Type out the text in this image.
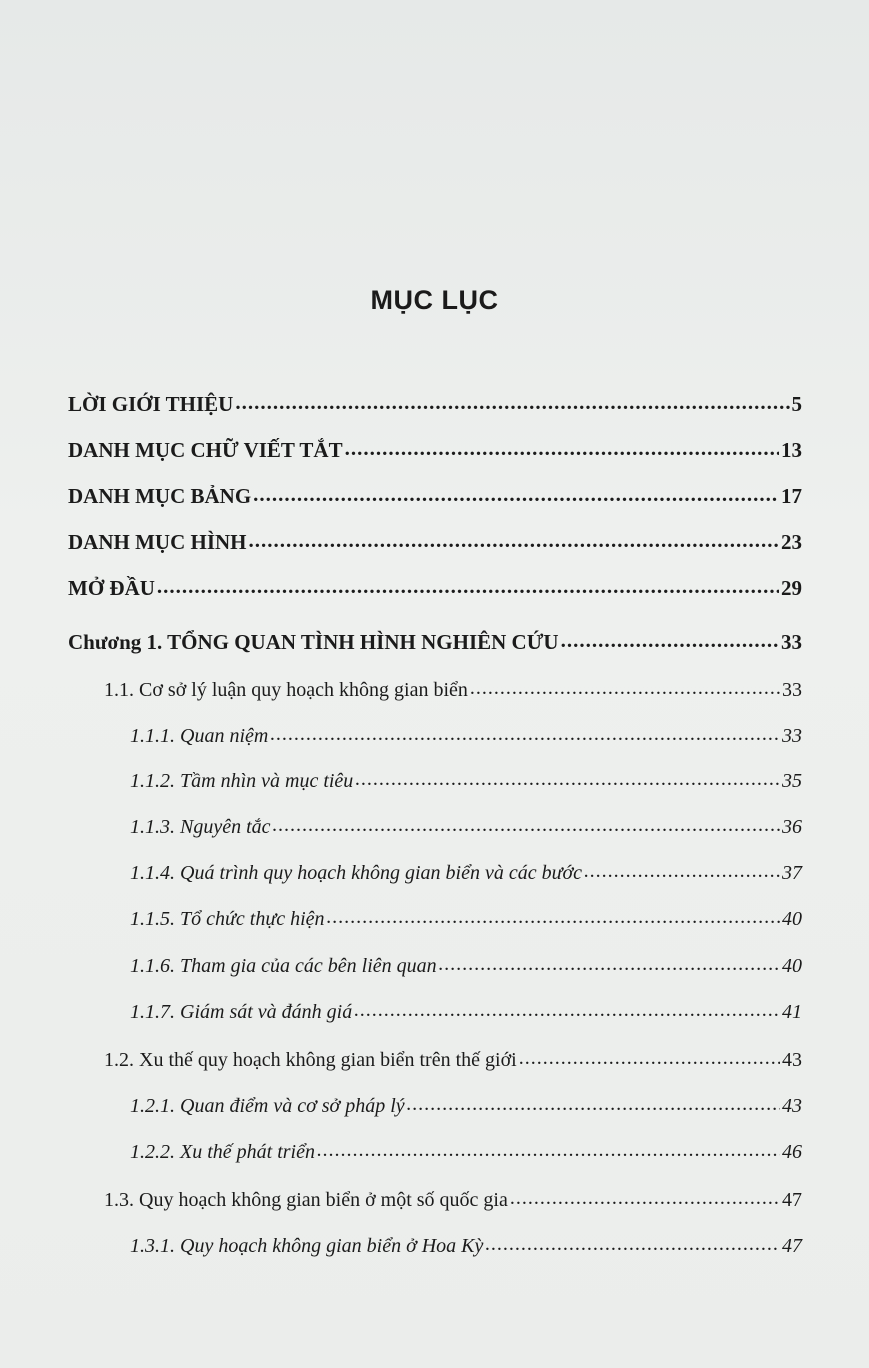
MỤC LỤC
LỜI GIỚI THIỆU .....	5
DANH MỤC CHỮ VIẾT TẮT .....	13
DANH MỤC BẢNG .....	17
DANH MỤC HÌNH .....	23
MỞ ĐẦU .....	29
Chương 1. TỔNG QUAN TÌNH HÌNH NGHIÊN CỨU .....	33
1.1. Cơ sở lý luận quy hoạch không gian biển .....	33
1.1.1. Quan niệm .....	33
1.1.2. Tầm nhìn và mục tiêu .....	35
1.1.3. Nguyên tắc .....	36
1.1.4. Quá trình quy hoạch không gian biển và các bước .....	37
1.1.5. Tổ chức thực hiện .....	40
1.1.6. Tham gia của các bên liên quan .....	40
1.1.7. Giám sát và đánh giá .....	41
1.2. Xu thế quy hoạch không gian biển trên thế giới .....	43
1.2.1. Quan điểm và cơ sở pháp lý .....	43
1.2.2. Xu thế phát triển .....	46
1.3. Quy hoạch không gian biển ở một số quốc gia .....	47
1.3.1. Quy hoạch không gian biển ở Hoa Kỳ .....	47
